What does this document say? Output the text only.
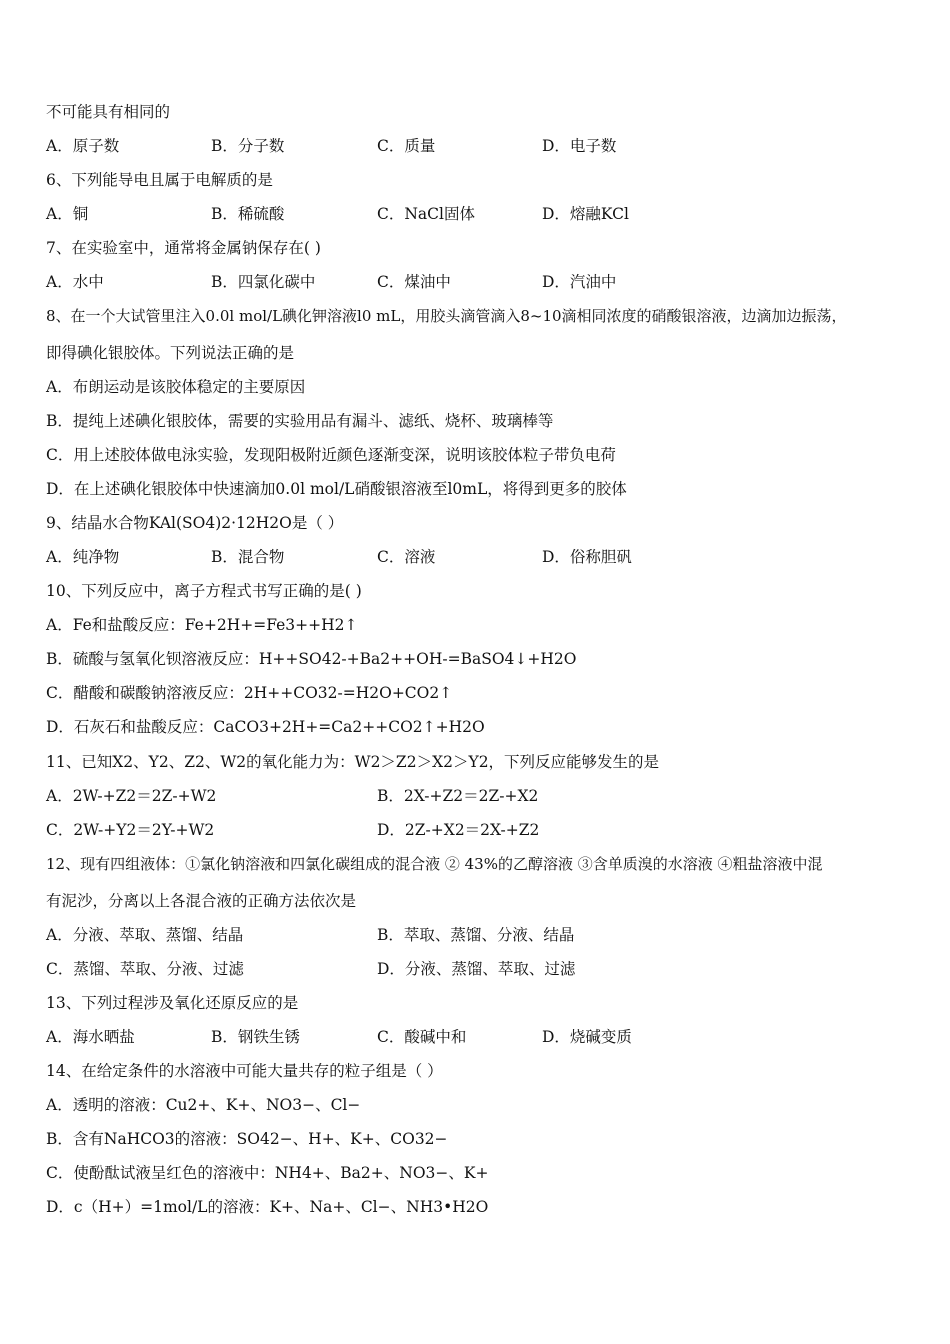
不可能具有相同的
A．原子数	B．分子数	C．质量	D．电子数
6、下列能导电且属于电解质的是
A．铜	B．稀硫酸	C．NaCl固体	D．熔融KCl
7、在实验室中，通常将金属钠保存在( )
A．水中	B．四氯化碳中	C．煤油中	D．汽油中
8、在一个大试管里注入0.0l mol/L碘化钾溶液l0 mL，用胶头滴管滴入8~10滴相同浓度的硝酸银溶液，边滴加边振荡，
即得碘化银胶体。下列说法正确的是
A．布朗运动是该胶体稳定的主要原因
B．提纯上述碘化银胶体，需要的实验用品有漏斗、滤纸、烧杯、玻璃棒等
C．用上述胶体做电泳实验，发现阳极附近颜色逐渐变深，说明该胶体粒子带负电荷
D．在上述碘化银胶体中快速滴加0.0l mol/L硝酸银溶液至l0mL，将得到更多的胶体
9、结晶水合物KAl(SO4)2·12H2O是（ ）
A．纯净物	B．混合物	C．溶液	D．俗称胆矾
10、下列反应中，离子方程式书写正确的是( )
A．Fe和盐酸反应：Fe+2H+=Fe3++H2↑
B．硫酸与氢氧化钡溶液反应：H++SO42-+Ba2++OH-=BaSO4↓+H2O
C．醋酸和碳酸钠溶液反应：2H++CO32-=H2O+CO2↑
D．石灰石和盐酸反应：CaCO3+2H+=Ca2++CO2↑+H2O
11、已知X2、Y2、Z2、W2的氧化能力为：W2＞Z2＞X2＞Y2，下列反应能够发生的是
A．2W-+Z2＝2Z-+W2	B．2X-+Z2＝2Z-+X2
C．2W-+Y2＝2Y-+W2	D．2Z-+X2＝2X-+Z2
12、现有四组液体：①氯化钠溶液和四氯化碳组成的混合液 ② 43%的乙醇溶液 ③含单质溴的水溶液 ④粗盐溶液中混
有泥沙，分离以上各混合液的正确方法依次是
A．分液、萃取、蒸馏、结晶	B．萃取、蒸馏、分液、结晶
C．蒸馏、萃取、分液、过滤	D．分液、蒸馏、萃取、过滤
13、下列过程涉及氧化还原反应的是
A．海水晒盐	B．钢铁生锈	C．酸碱中和	D．烧碱变质
14、在给定条件的水溶液中可能大量共存的粒子组是（ ）
A．透明的溶液：Cu2+、K+、NO3−、Cl−
B．含有NaHCO3的溶液：SO42−、H+、K+、CO32−
C．使酚酞试液呈红色的溶液中：NH4+、Ba2+、NO3−、K+
D．c（H+）=1mol/L的溶液：K+、Na+、Cl−、NH3•H2O
